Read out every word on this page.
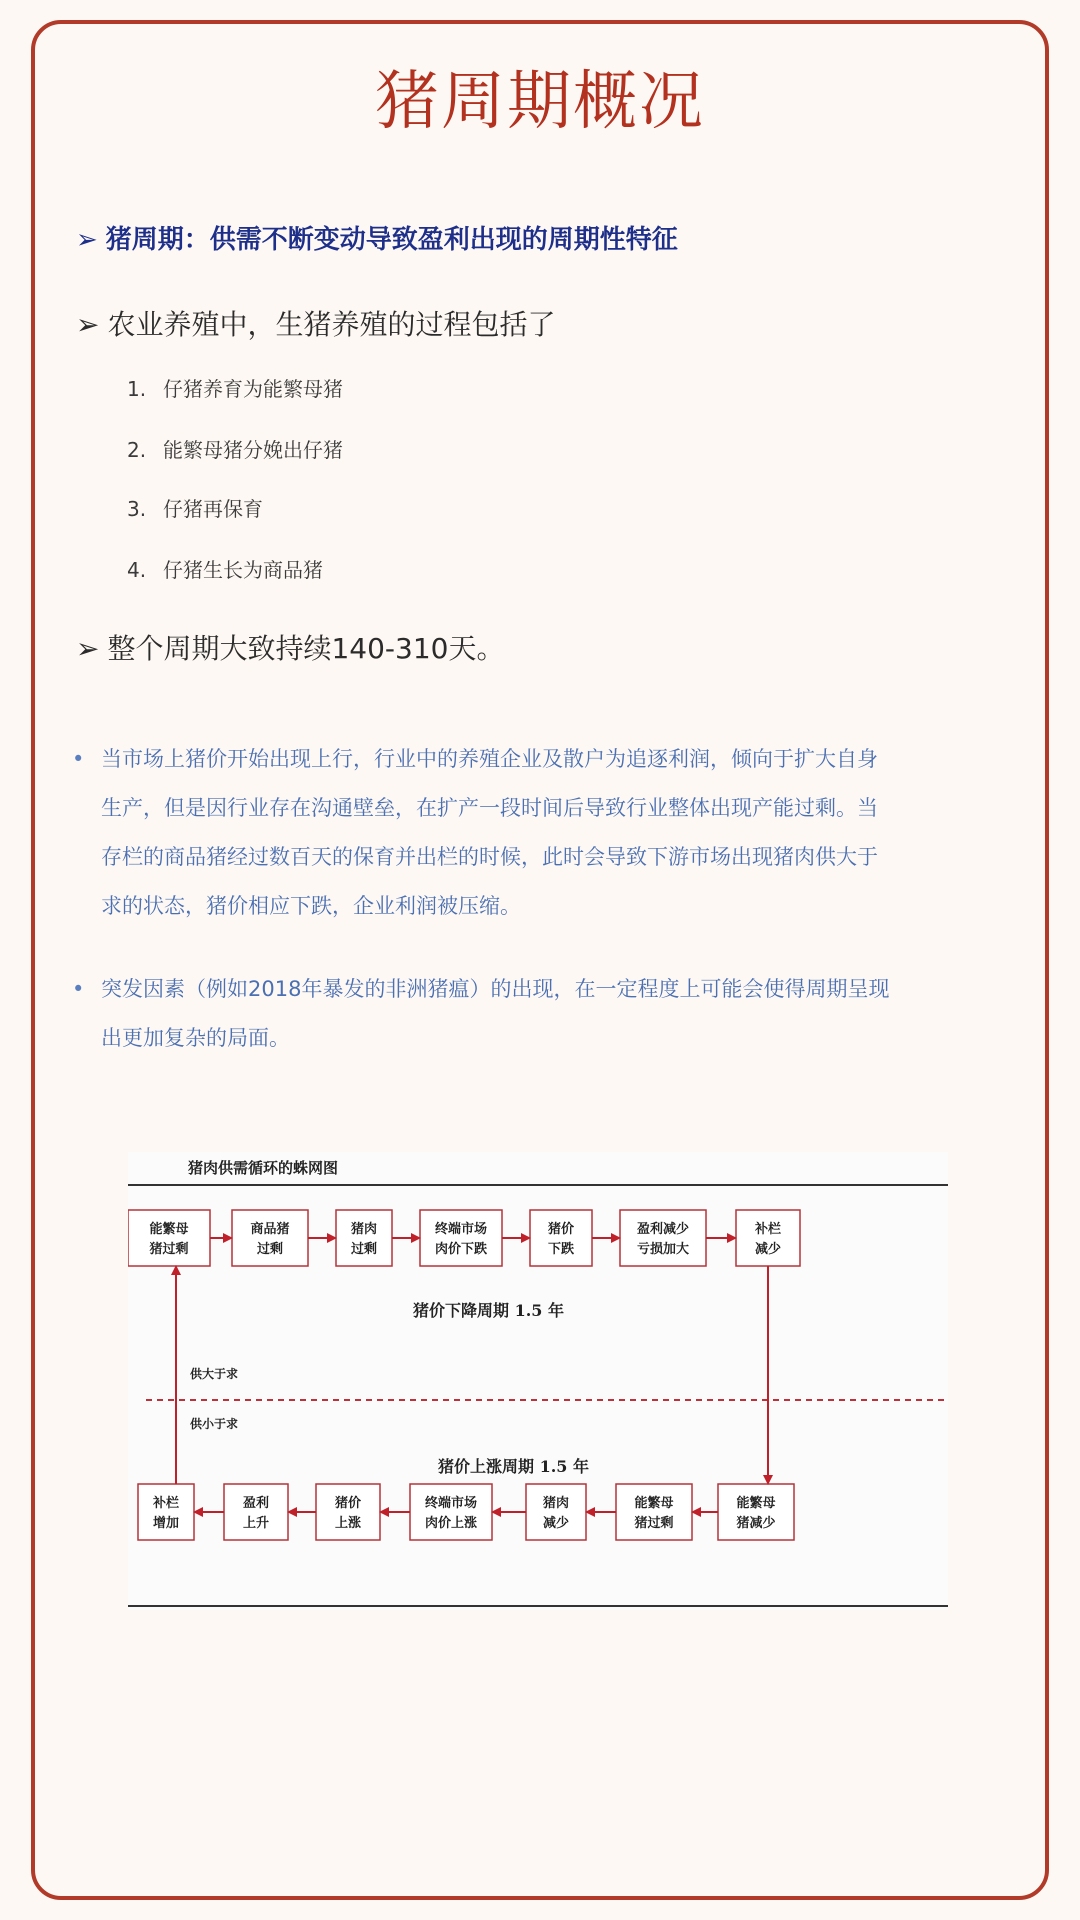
猪周期概况
➢ 猪周期：供需不断变动导致盈利出现的周期性特征
➢ 农业养殖中，生猪养殖的过程包括了
1. 仔猪养育为能繁母猪
2. 能繁母猪分娩出仔猪
3. 仔猪再保育
4. 仔猪生长为商品猪
➢ 整个周期大致持续140-310天。
• 当市场上猪价开始出现上行，行业中的养殖企业及散户为追逐利润，倾向于扩大自身
生产，但是因行业存在沟通壁垒，在扩产一段时间后导致行业整体出现产能过剩。当
存栏的商品猪经过数百天的保育并出栏的时候，此时会导致下游市场出现猪肉供大于
求的状态，猪价相应下跌，企业利润被压缩。
• 突发因素（例如2018年暴发的非洲猪瘟）的出现，在一定程度上可能会使得周期呈现
出更加复杂的局面。
猪肉供需循环的蛛网图
猪价下降周期 1.5 年
猪价上涨周期 1.5 年
供大于求
供小于求
能繁母
猪过剩
商品猪
过剩
猪肉
过剩
终端市场
肉价下跌
猪价
下跌
盈利减少
亏损加大
补栏
减少
补栏
增加
盈利
上升
猪价
上涨
终端市场
肉价上涨
猪肉
减少
能繁母
猪过剩
能繁母
猪减少
